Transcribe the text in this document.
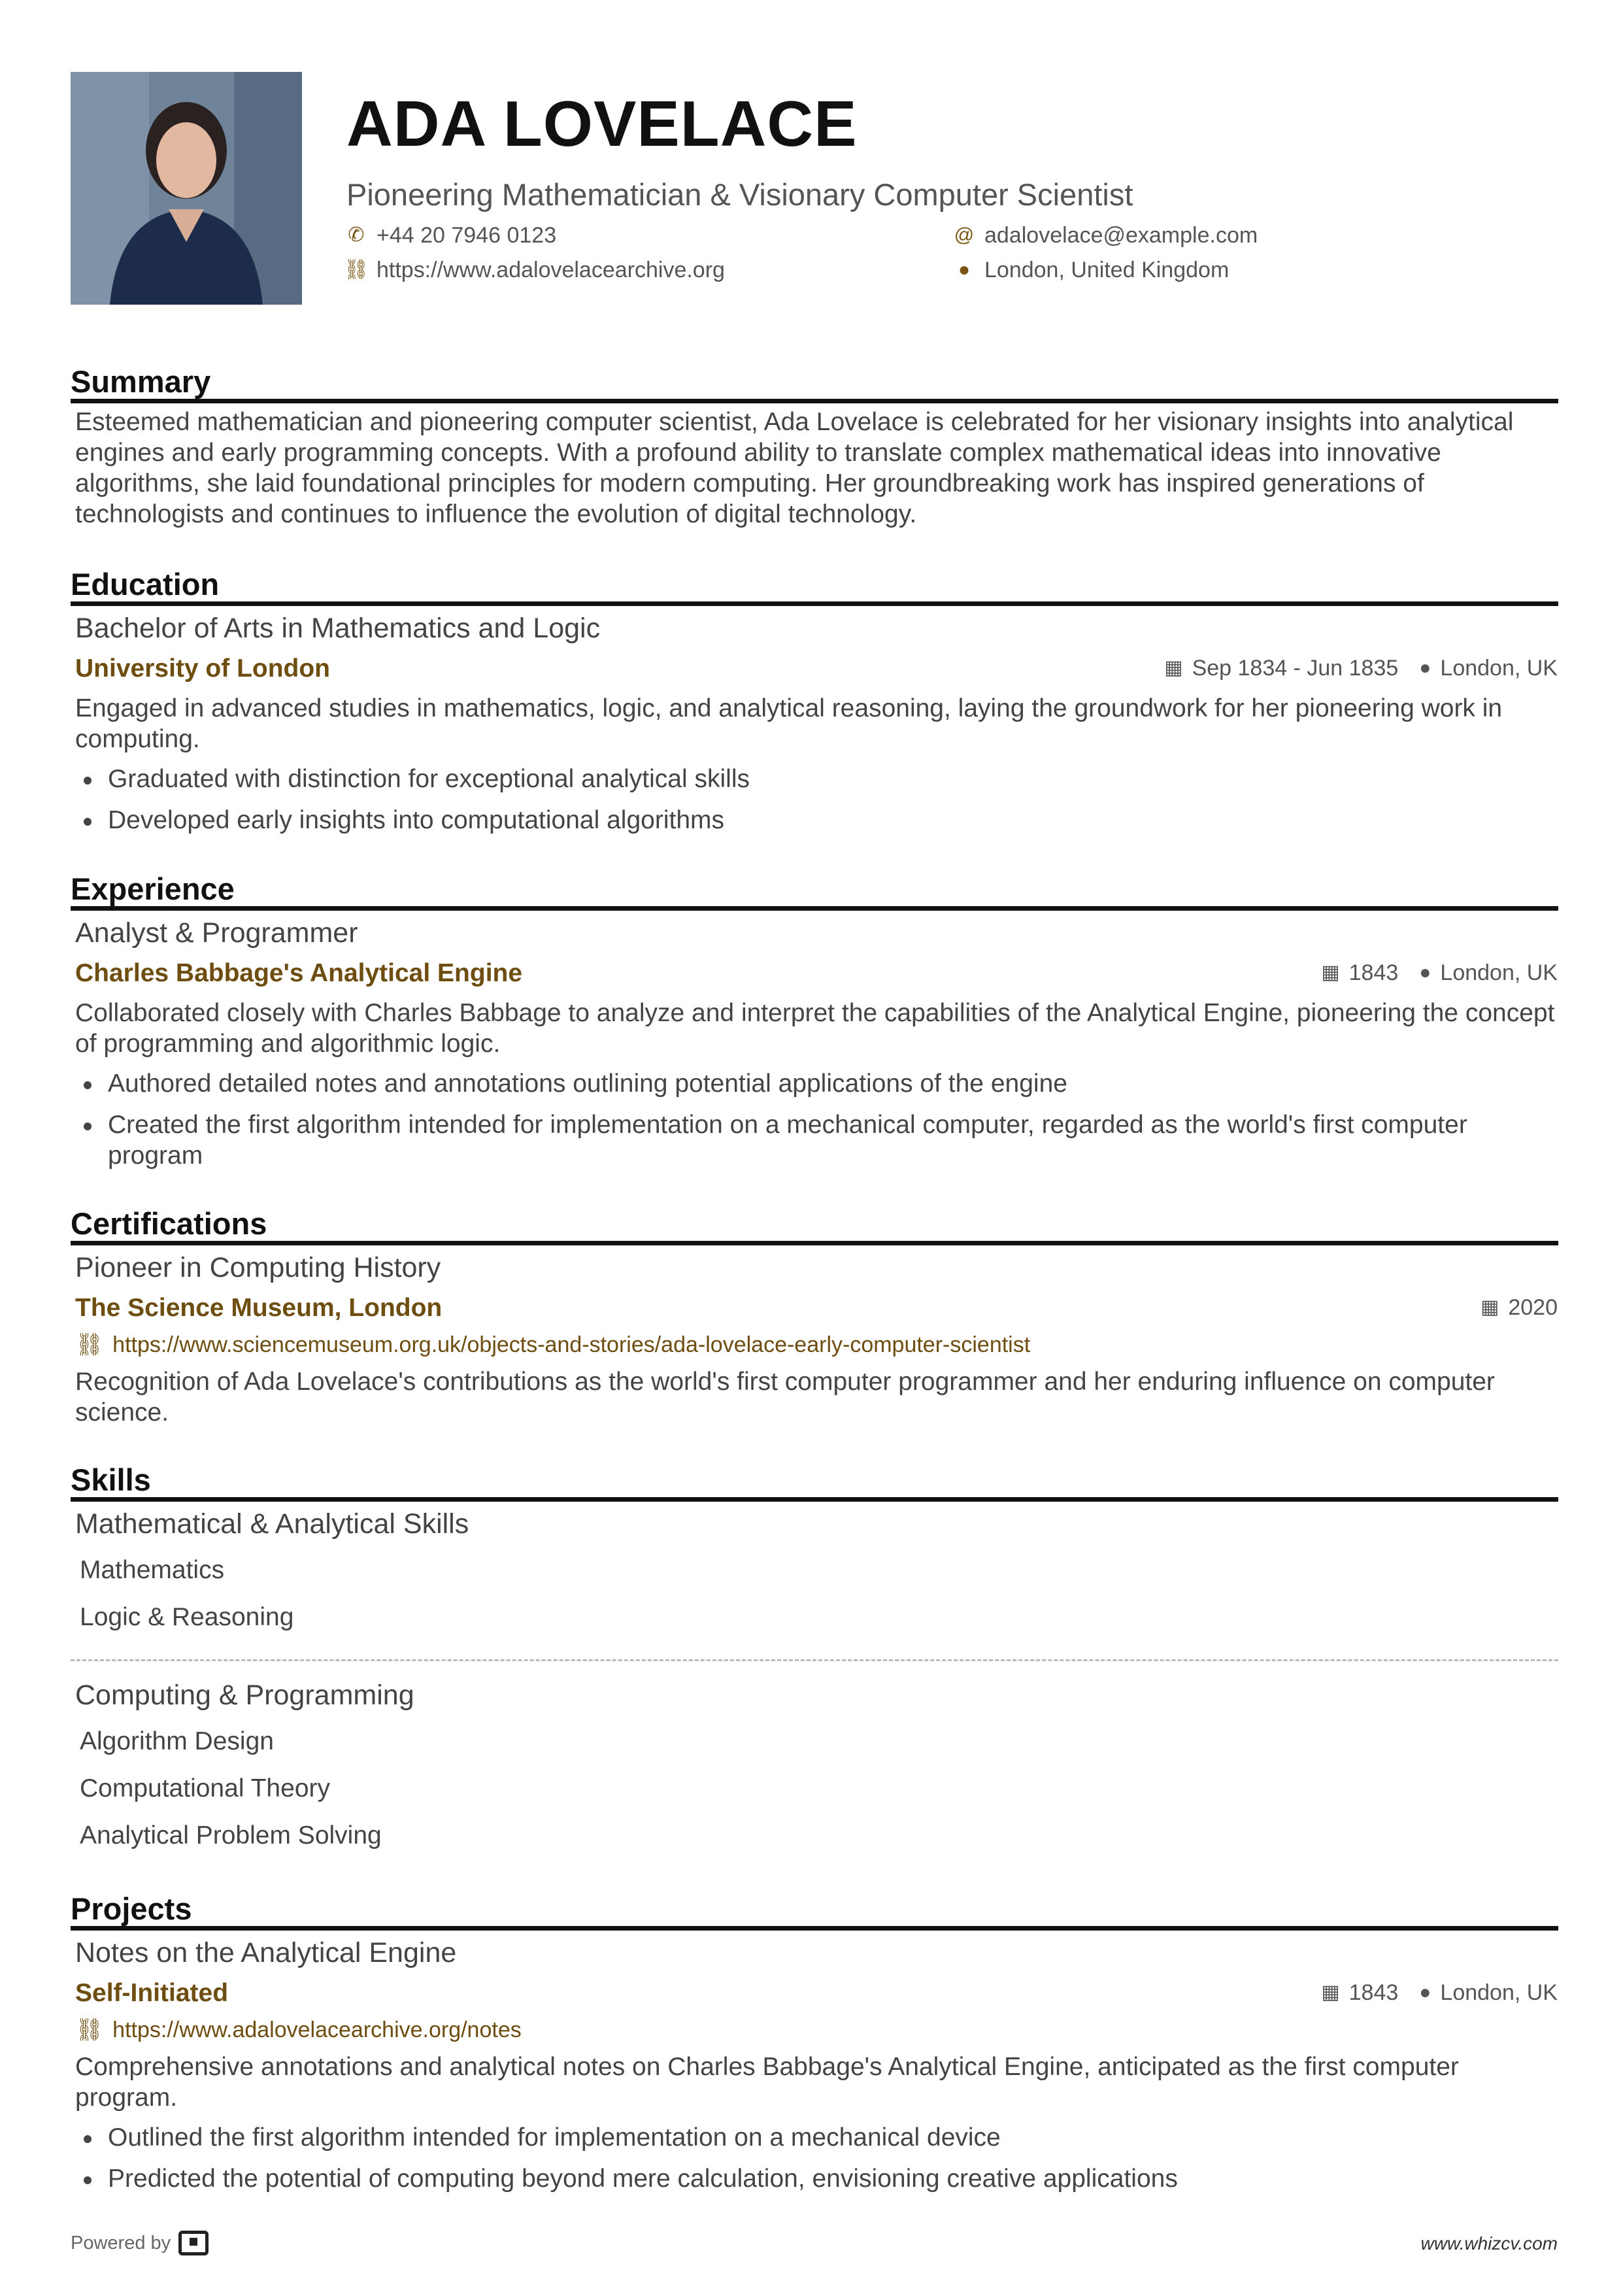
ADA LOVELACE
Pioneering Mathematician & Visionary Computer Scientist
✆ +44 20 7946 0123	@ adalovelace@example.com
⛓ https://www.adalovelacearchive.org	● London, United Kingdom
Summary
Esteemed mathematician and pioneering computer scientist, Ada Lovelace is celebrated for her visionary insights into analytical engines and early programming concepts. With a profound ability to translate complex mathematical ideas into innovative algorithms, she laid foundational principles for modern computing. Her groundbreaking work has inspired generations of technologists and continues to influence the evolution of digital technology.
Education
Bachelor of Arts in Mathematics and Logic
University of London	▦ Sep 1834 - Jun 1835 ● London, UK
Engaged in advanced studies in mathematics, logic, and analytical reasoning, laying the groundwork for her pioneering work in computing.
Graduated with distinction for exceptional analytical skills
Developed early insights into computational algorithms
Experience
Analyst & Programmer
Charles Babbage's Analytical Engine	▦ 1843 ● London, UK
Collaborated closely with Charles Babbage to analyze and interpret the capabilities of the Analytical Engine, pioneering the concept of programming and algorithmic logic.
Authored detailed notes and annotations outlining potential applications of the engine
Created the first algorithm intended for implementation on a mechanical computer, regarded as the world's first computer program
Certifications
Pioneer in Computing History
The Science Museum, London	▦ 2020
⛓ https://www.sciencemuseum.org.uk/objects-and-stories/ada-lovelace-early-computer-scientist
Recognition of Ada Lovelace's contributions as the world's first computer programmer and her enduring influence on computer science.
Skills
Mathematical & Analytical Skills
Mathematics
Logic & Reasoning
Computing & Programming
Algorithm Design
Computational Theory
Analytical Problem Solving
Projects
Notes on the Analytical Engine
Self-Initiated	▦ 1843 ● London, UK
⛓ https://www.adalovelacearchive.org/notes
Comprehensive annotations and analytical notes on Charles Babbage's Analytical Engine, anticipated as the first computer program.
Outlined the first algorithm intended for implementation on a mechanical device
Predicted the potential of computing beyond mere calculation, envisioning creative applications
Powered by	www.whizcv.com
